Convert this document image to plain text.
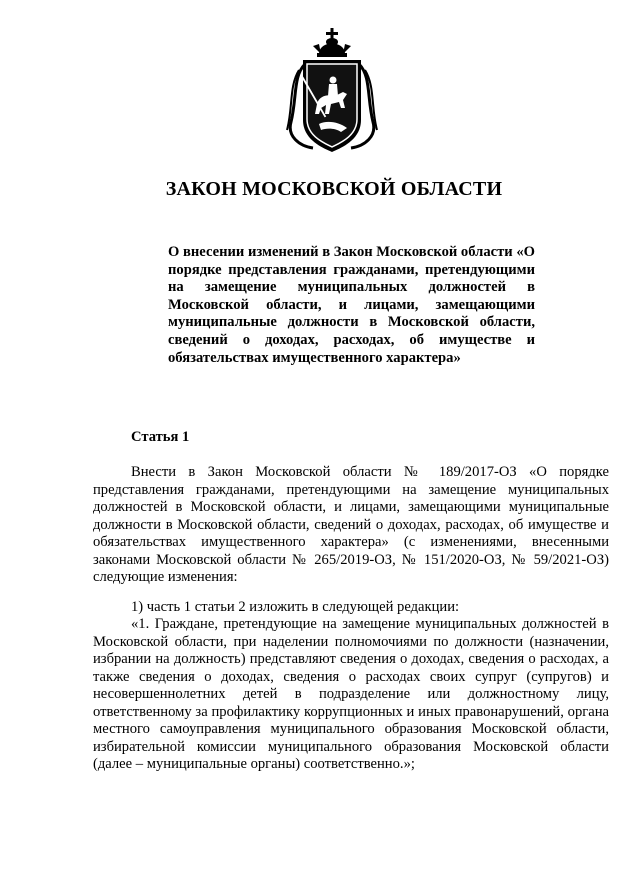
ЗАКОН МОСКОВСКОЙ ОБЛАСТИ
О внесении изменений в Закон Московской области «О порядке представления гражданами, претендующими на замещение муниципальных должностей в Московской области, и лицами, замещающими муниципальные должности в Московской области, сведений о доходах, расходах, об имуществе и обязательствах имущественного характера»
Статья 1
Внести в Закон Московской области № 189/2017-ОЗ «О порядке представления гражданами, претендующими на замещение муниципальных должностей в Московской области, и лицами, замещающими муниципальные должности в Московской области, сведений о доходах, расходах, об имуществе и обязательствах имущественного характера» (с изменениями, внесенными законами Московской области № 265/2019-ОЗ, № 151/2020-ОЗ, № 59/2021-ОЗ) следующие изменения:
1) часть 1 статьи 2 изложить в следующей редакции:
«1. Граждане, претендующие на замещение муниципальных должностей в Московской области, при наделении полномочиями по должности (назначении, избрании на должность) представляют сведения о доходах, сведения о расходах, а также сведения о доходах, сведения о расходах своих супруг (супругов) и несовершеннолетних детей в подразделение или должностному лицу, ответственному за профилактику коррупционных и иных правонарушений, органа местного самоуправления муниципального образования Московской области, избирательной комиссии муниципального образования Московской области (далее – муниципальные органы) соответственно.»;
